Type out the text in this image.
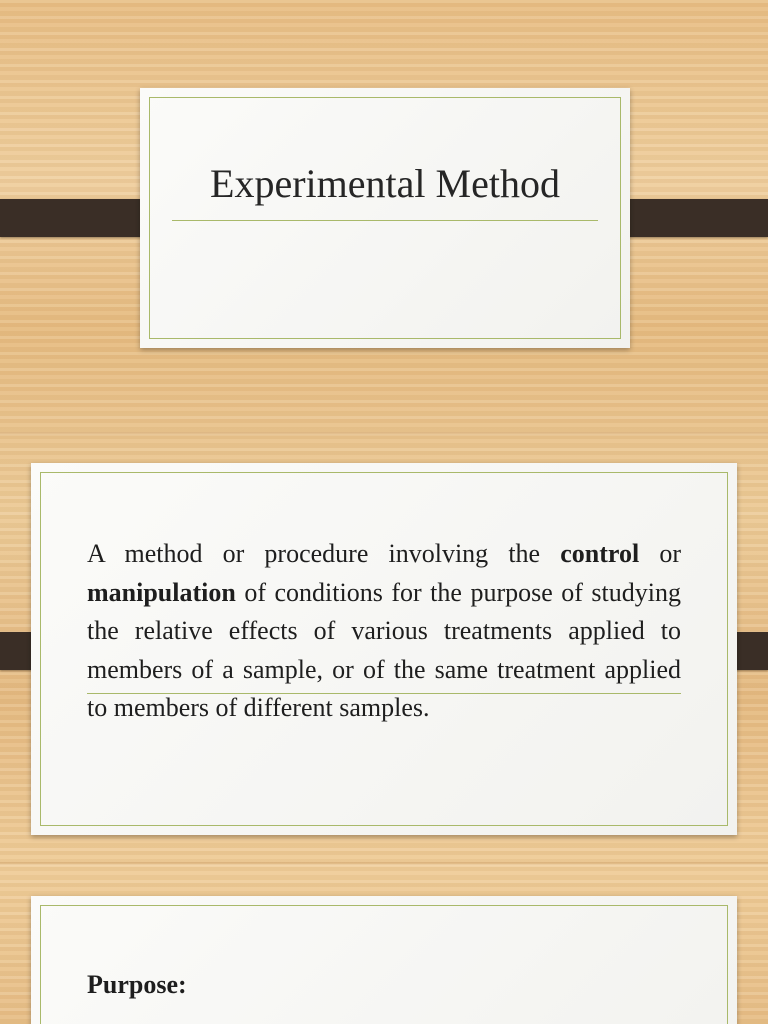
Experimental Method

A method or procedure involving the control or manipulation of conditions for the purpose of studying the relative effects of various treatments applied to members of a sample, or of the same treatment applied to members of different samples.

Purpose:
